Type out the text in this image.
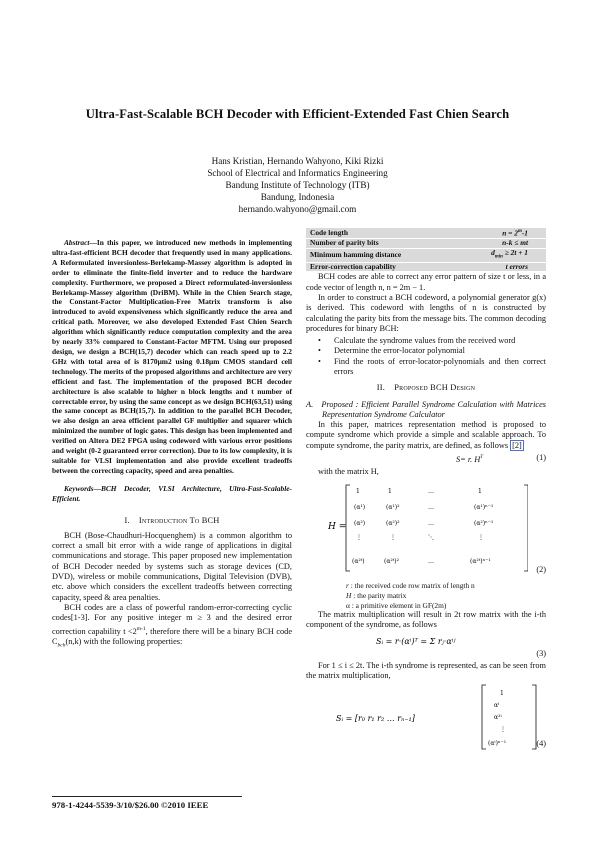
Ultra-Fast-Scalable BCH Decoder with Efficient-Extended Fast Chien Search
Hans Kristian, Hernando Wahyono, Kiki Rizki
School of Electrical and Informatics Engineering
Bandung Institute of Technology (ITB)
Bandung, Indonesia
hernando.wahyono@gmail.com

Abstract—In this paper, we introduced new methods in implementing ultra-fast-efficient BCH decoder that frequently used in many applications. A Reformulated inversionless-Berlekamp-Massey algorithm is adopted in order to eliminate the finite-field inverter and to reduce the hardware complexity. Furthermore, we proposed a Direct reformulated-inversionless Berlekamp-Massey algorithm (DriBM). While in the Chien Search stage, the Constant-Factor Multiplication-Free Matrix transform is also introduced to avoid expensiveness which significantly reduce the area and critical path. Moreover, we also developed Extended Fast Chien Search algorithm which significantly reduce computation complexity and the area by nearly 33% compared to Constant-Factor MFTM. Using our proposed design, we design a BCH(15,7) decoder which can reach speed up to 2.2 GHz with total area of is 8170μm2 using 0.18μm CMOS standard cell technology. The merits of the proposed algorithms and architecture are very efficient and fast. The implementation of the proposed BCH decoder architecture is also scalable to higher n block lengths and t number of correctable error, by using the same concept as we design BCH(63,51) using the same concept as BCH(15,7). In addition to the parallel BCH Decoder, we also design an area efficient parallel GF multiplier and squarer which minimized the number of logic gates. This design has been implemented and verified on Altera DE2 FPGA using codeword with various error positions and weight (0-2 guaranteed error correction). Due to its low complexity, it is suitable for VLSI implementation and also provide excellent tradeoffs between the correcting capacity, speed and area penalties.

Keywords—BCH Decoder, VLSI Architecture, Ultra-Fast-Scalable-Efficient.

I. Introduction To BCH

BCH (Bose-Chaudhuri-Hocquenghem) is a common algorithm to correct a small bit error with a wide range of applications in digital communications and storage. This paper proposed new implementation of BCH Decoder needed by systems such as storage devices (CD, DVD), wireless or mobile communications, Digital Television (DVB), etc. above which considers the excellent tradeoffs between correcting capacity, speed & area penalties.

BCH codes are a class of powerful random-error-correcting cyclic codes[1-3]. For any positive integer m ≥ 3 and the desired error correction capability $t <2^{m-1}$, therefore there will be a binary BCH code $C_{bch}(n,k)$ with the following properties:

Code length	$n = 2^m-1$
Number of parity bits	n-k ≤ mt
Minimum hamming distance	$d_{min} \ge 2t + 1$
Error-correction capability	t errors

BCH codes are able to correct any error pattern of size t or less, in a code vector of length n, n = 2m − 1.

In order to construct a BCH codeword, a polynomial generator g(x) is derived. This codeword with lengths of n is constructed by calculating the parity bits from the message bits. The common decoding procedures for binary BCH:

• Calculate the syndrome values from the received word
• Determine the error-locator polynomial
• Find the roots of error-locator-polynomials and then correct errors

II. Proposed BCH Design

A. Proposed : Efficient Parallel Syndrome Calculation with Matrices Representation Syndrome Calculator

In this paper, matrices representation method is proposed to compute syndrome which provide a simple and scalable approach. To compute syndrome, the parity matrix, are defined, as follows [2]

S= r. $H^T$	(1)

with the matrix H,

H =
1	1	…	1
(α¹)	(α¹)²	…	(α¹)ⁿ⁻¹
(α²)	(α²)²	…	(α²)ⁿ⁻¹
⋮	⋮	⋱	⋮
(α²ᵗ)	(α²ᵗ)²	…	(α²ᵗ)ⁿ⁻¹
(2)
r : the received code row matrix of length n
H : the parity matrix
α : a primitive element in GF(2m)

The matrix multiplication will result in 2t row matrix with the i-th component of the syndrome, as follows

Sᵢ = r·(αⁱ)ᵀ = Σ rⱼ·αⁱʲ
(3)

For 1 ≤ i ≤ 2t. The i-th syndrome is represented, as can be seen from the matrix multiplication,

Sᵢ = [r₀ r₁ r₂ … rₙ₋₁]
1
αⁱ
α²ⁱ
⋮
(αⁱ)ⁿ⁻¹	(4)
978-1-4244-5539-3/10/$26.00 ©2010 IEEE
